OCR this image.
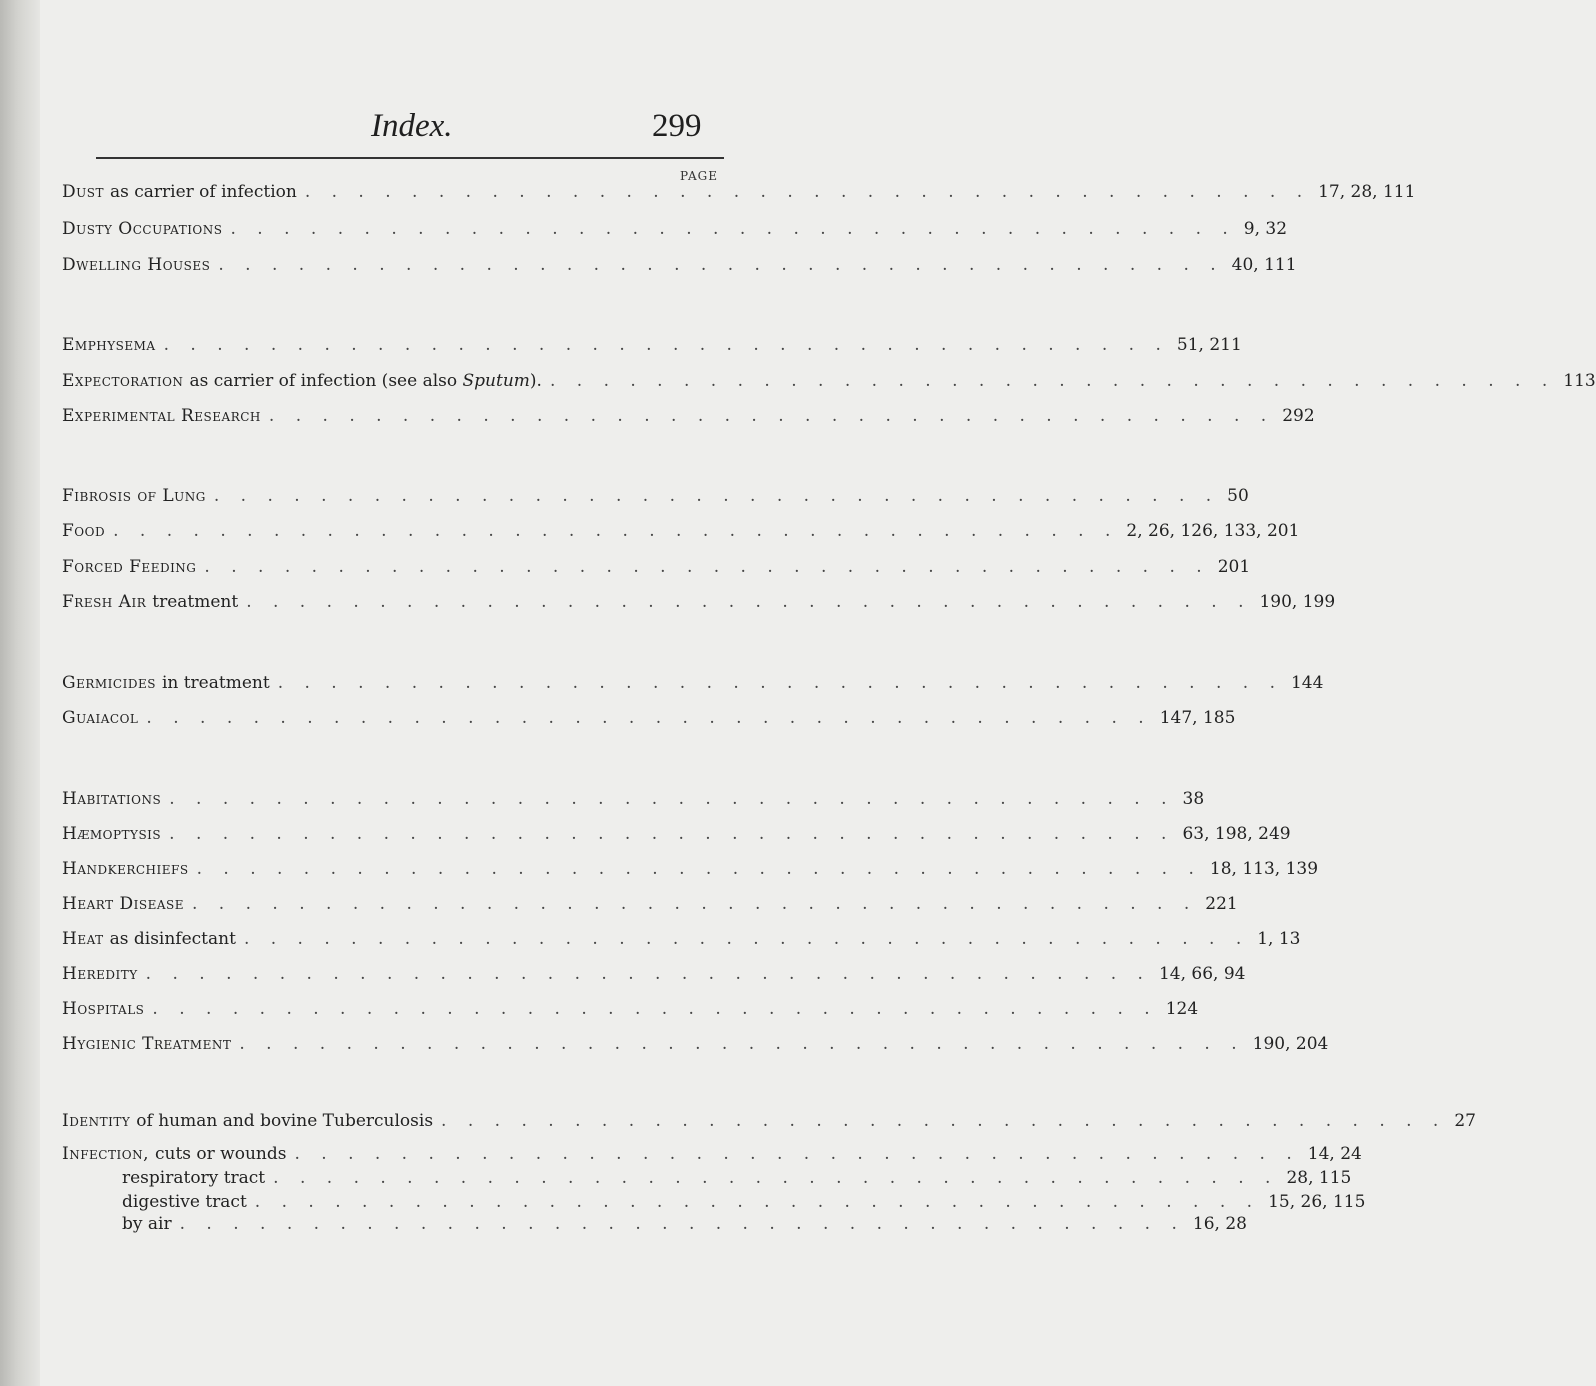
Index.	299
PAGE
Dust as carrier of infection . . . . . . . . . . . . . . . . . . . . . . . . . . . . . . . . . . . . . . 17, 28, 111
Dusty Occupations . . . . . . . . . . . . . . . . . . . . . . . . . . . . . . . . . . . . . . 9, 32
Dwelling Houses . . . . . . . . . . . . . . . . . . . . . . . . . . . . . . . . . . . . . . 40, 111
Emphysema . . . . . . . . . . . . . . . . . . . . . . . . . . . . . . . . . . . . . . 51, 211
Expectoration as carrier of infection (see also Sputum). . . . . . . . . . . . . . . . . . . . . . . . . . . . . . . . . . . . . . . 113
Experimental Research . . . . . . . . . . . . . . . . . . . . . . . . . . . . . . . . . . . . . . 292
Fibrosis of Lung . . . . . . . . . . . . . . . . . . . . . . . . . . . . . . . . . . . . . . 50
Food . . . . . . . . . . . . . . . . . . . . . . . . . . . . . . . . . . . . . . 2, 26, 126, 133, 201
Forced Feeding . . . . . . . . . . . . . . . . . . . . . . . . . . . . . . . . . . . . . . 201
Fresh Air treatment . . . . . . . . . . . . . . . . . . . . . . . . . . . . . . . . . . . . . . 190, 199
Germicides in treatment . . . . . . . . . . . . . . . . . . . . . . . . . . . . . . . . . . . . . . 144
Guaiacol . . . . . . . . . . . . . . . . . . . . . . . . . . . . . . . . . . . . . . 147, 185
Habitations . . . . . . . . . . . . . . . . . . . . . . . . . . . . . . . . . . . . . . 38
Hæmoptysis . . . . . . . . . . . . . . . . . . . . . . . . . . . . . . . . . . . . . . 63, 198, 249
Handkerchiefs . . . . . . . . . . . . . . . . . . . . . . . . . . . . . . . . . . . . . . 18, 113, 139
Heart Disease . . . . . . . . . . . . . . . . . . . . . . . . . . . . . . . . . . . . . . 221
Heat as disinfectant . . . . . . . . . . . . . . . . . . . . . . . . . . . . . . . . . . . . . . 1, 13
Heredity . . . . . . . . . . . . . . . . . . . . . . . . . . . . . . . . . . . . . . 14, 66, 94
Hospitals . . . . . . . . . . . . . . . . . . . . . . . . . . . . . . . . . . . . . . 124
Hygienic Treatment . . . . . . . . . . . . . . . . . . . . . . . . . . . . . . . . . . . . . . 190, 204
Identity of human and bovine Tuberculosis . . . . . . . . . . . . . . . . . . . . . . . . . . . . . . . . . . . . . . 27
Infection, cuts or wounds . . . . . . . . . . . . . . . . . . . . . . . . . . . . . . . . . . . . . . 14, 24
respiratory tract . . . . . . . . . . . . . . . . . . . . . . . . . . . . . . . . . . . . . . 28, 115
digestive tract . . . . . . . . . . . . . . . . . . . . . . . . . . . . . . . . . . . . . . 15, 26, 115
by air . . . . . . . . . . . . . . . . . . . . . . . . . . . . . . . . . . . . . . 16, 28
